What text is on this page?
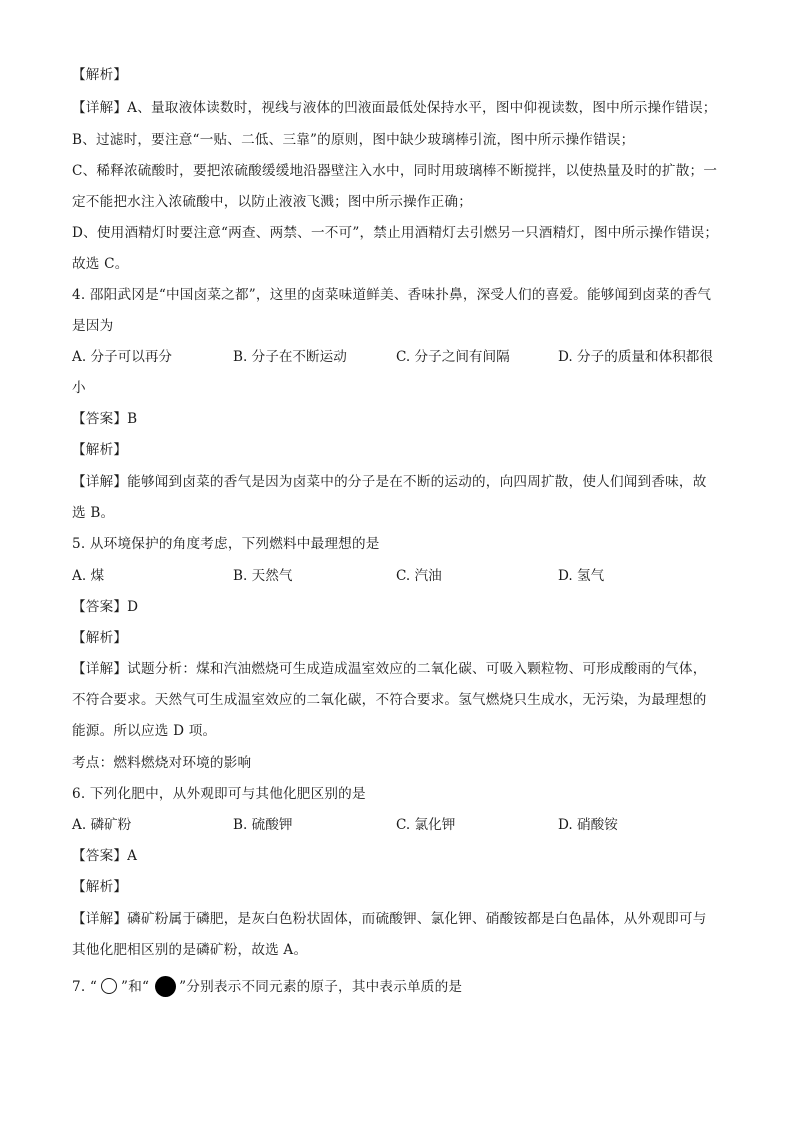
【解析】
【详解】A、量取液体读数时，视线与液体的凹液面最低处保持水平，图中仰视读数，图中所示操作错误；
B、过滤时，要注意“一贴、二低、三靠”的原则，图中缺少玻璃棒引流，图中所示操作错误；
C、稀释浓硫酸时，要把浓硫酸缓缓地沿器壁注入水中，同时用玻璃棒不断搅拌，以使热量及时的扩散；一
定不能把水注入浓硫酸中，以防止液液飞溅；图中所示操作正确；
D、使用酒精灯时要注意“两查、两禁、一不可”，禁止用酒精灯去引燃另一只酒精灯，图中所示操作错误；
故选 C。
4. 邵阳武冈是“中国卤菜之都”，这里的卤菜味道鲜美、香味扑鼻，深受人们的喜爱。能够闻到卤菜的香气
是因为
A. 分子可以再分	B. 分子在不断运动	C. 分子之间有间隔	D. 分子的质量和体积都很
小
【答案】B
【解析】
【详解】能够闻到卤菜的香气是因为卤菜中的分子是在不断的运动的，向四周扩散，使人们闻到香味，故
选 B。
5. 从环境保护的角度考虑，下列燃料中最理想的是
A. 煤	B. 天然气	C. 汽油	D. 氢气
【答案】D
【解析】
【详解】试题分析：煤和汽油燃烧可生成造成温室效应的二氧化碳、可吸入颗粒物、可形成酸雨的气体，
不符合要求。天然气可生成温室效应的二氧化碳，不符合要求。氢气燃烧只生成水，无污染，为最理想的
能源。所以应选 D 项。
考点：燃料燃烧对环境的影响
6. 下列化肥中，从外观即可与其他化肥区别的是
A. 磷矿粉	B. 硫酸钾	C. 氯化钾	D. 硝酸铵
【答案】A
【解析】
【详解】磷矿粉属于磷肥，是灰白色粉状固体，而硫酸钾、氯化钾、硝酸铵都是白色晶体，从外观即可与
其他化肥相区别的是磷矿粉，故选 A。
7. “ ”和“ ”分别表示不同元素的原子，其中表示单质的是
